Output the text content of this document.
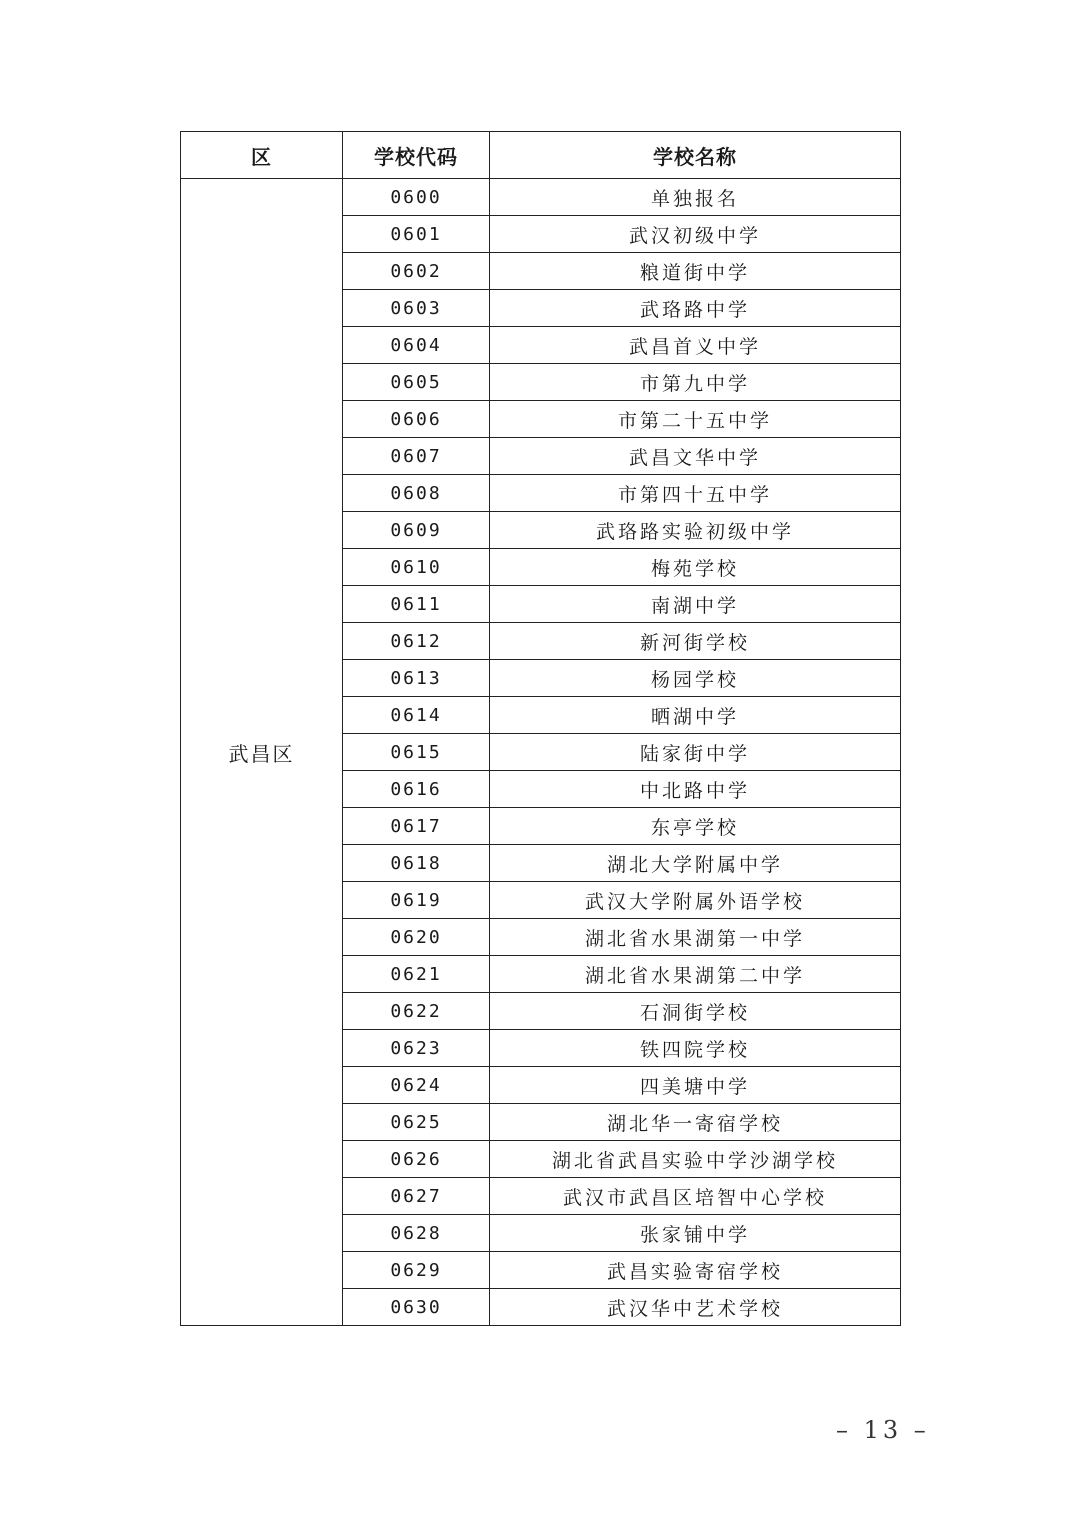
区	学校代码	学校名称
武昌区	0600	单独报名
	0601	武汉初级中学
	0602	粮道街中学
	0603	武珞路中学
	0604	武昌首义中学
	0605	市第九中学
	0606	市第二十五中学
	0607	武昌文华中学
	0608	市第四十五中学
	0609	武珞路实验初级中学
	0610	梅苑学校
	0611	南湖中学
	0612	新河街学校
	0613	杨园学校
	0614	晒湖中学
	0615	陆家街中学
	0616	中北路中学
	0617	东亭学校
	0618	湖北大学附属中学
	0619	武汉大学附属外语学校
	0620	湖北省水果湖第一中学
	0621	湖北省水果湖第二中学
	0622	石洞街学校
	0623	铁四院学校
	0624	四美塘中学
	0625	湖北华一寄宿学校
	0626	湖北省武昌实验中学沙湖学校
	0627	武汉市武昌区培智中心学校
	0628	张家铺中学
	0629	武昌实验寄宿学校
	0630	武汉华中艺术学校
– 13 –
